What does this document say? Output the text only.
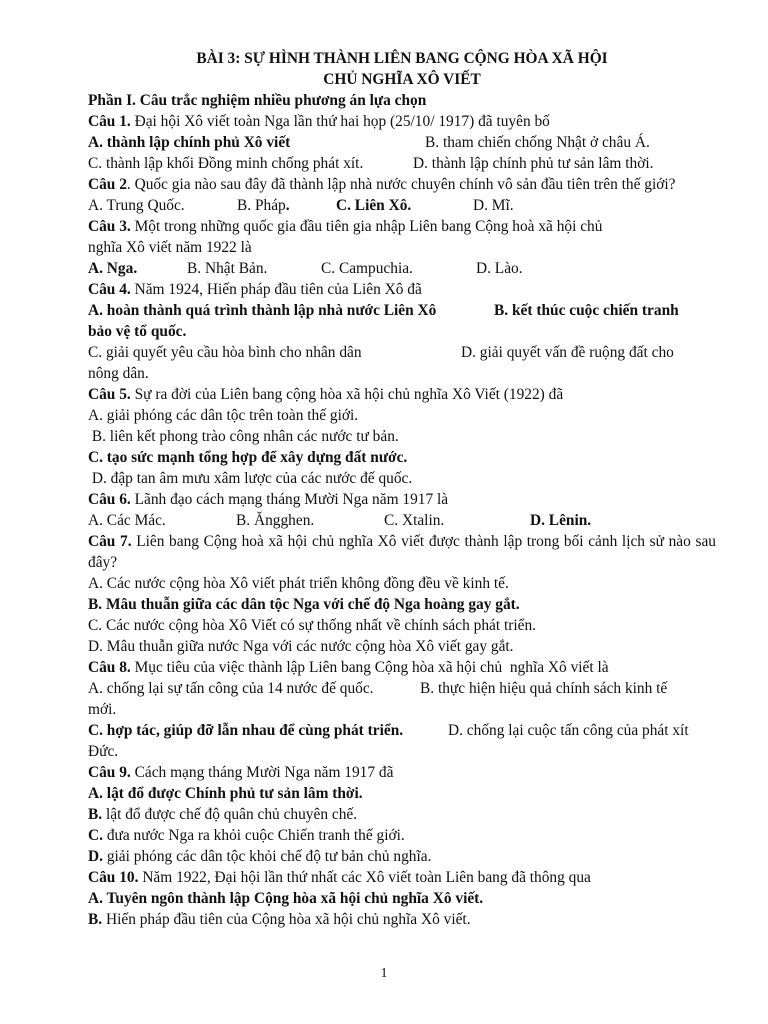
BÀI 3: SỰ HÌNH THÀNH LIÊN BANG CỘNG HÒA XÃ HỘI

CHỦ NGHĨA XÔ VIẾT

Phần I. Câu trắc nghiệm nhiều phương án lựa chọn

Câu 1. Đại hội Xô viết toàn Nga lần thứ hai họp (25/10/ 1917) đã tuyên bố

A. thành lập chính phủ Xô viết	B. tham chiến chống Nhật ở châu Á.

C. thành lập khối Đồng minh chống phát xít.	D. thành lập chính phủ tư sản lâm thời.

Câu 2. Quốc gia nào sau đây đã thành lập nhà nước chuyên chính vô sản đầu tiên trên thế giới?

A. Trung Quốc.	B. Pháp.	C. Liên Xô.	D. Mĩ.

Câu 3. Một trong những quốc gia đầu tiên gia nhập Liên bang Cộng hoà xã hội chủ

nghĩa Xô viết năm 1922 là

A. Nga.	B. Nhật Bản.	C. Campuchia.	D. Lào.

Câu 4. Năm 1924, Hiến pháp đầu tiên của Liên Xô đã

A. hoàn thành quá trình thành lập nhà nước Liên Xô	B. kết thúc cuộc chiến tranh

bảo vệ tổ quốc.

C. giải quyết yêu cầu hòa bình cho nhân dân	D. giải quyết vấn đề ruộng đất cho

nông dân.

Câu 5. Sự ra đời của Liên bang cộng hòa xã hội chủ nghĩa Xô Viết (1922) đã

A. giải phóng các dân tộc trên toàn thế giới.

B. liên kết phong trào công nhân các nước tư bản.

C. tạo sức mạnh tổng hợp để xây dựng đất nước.

D. đập tan âm mưu xâm lược của các nước đế quốc.

Câu 6. Lãnh đạo cách mạng tháng Mười Nga năm 1917 là

A. Các Mác.	B. Ăngghen.	C. Xtalin.	D. Lênin.

Câu 7. Liên bang Cộng hoà xã hội chủ nghĩa Xô viết được thành lập trong bối cảnh lịch sử nào sau đây?

A. Các nước cộng hòa Xô viết phát triển không đồng đều về kinh tế.

B. Mâu thuẫn giữa các dân tộc Nga với chế độ Nga hoàng gay gắt.

C. Các nước cộng hòa Xô Viết có sự thống nhất về chính sách phát triển.

D. Mâu thuẫn giữa nước Nga với các nước cộng hòa Xô viết gay gắt.

Câu 8. Mục tiêu của việc thành lập Liên bang Cộng hòa xã hội chủ  nghĩa Xô viết là

A. chống lại sự tấn công của 14 nước đế quốc.	B. thực hiện hiệu quả chính sách kinh tế

mới.

C. hợp tác, giúp đỡ lẫn nhau để cùng phát triển.	D. chống lại cuộc tấn công của phát xít

Đức.

Câu 9. Cách mạng tháng Mười Nga năm 1917 đã

A. lật đổ được Chính phủ tư sản lâm thời.

B. lật đổ được chế độ quân chủ chuyên chế.

C. đưa nước Nga ra khỏi cuộc Chiến tranh thế giới.

D. giải phóng các dân tộc khỏi chế độ tư bản chủ nghĩa.

Câu 10. Năm 1922, Đại hội lần thứ nhất các Xô viết toàn Liên bang đã thông qua

A. Tuyên ngôn thành lập Cộng hòa xã hội chủ nghĩa Xô viết.

B. Hiến pháp đầu tiên của Cộng hòa xã hội chủ nghĩa Xô viết.

1
